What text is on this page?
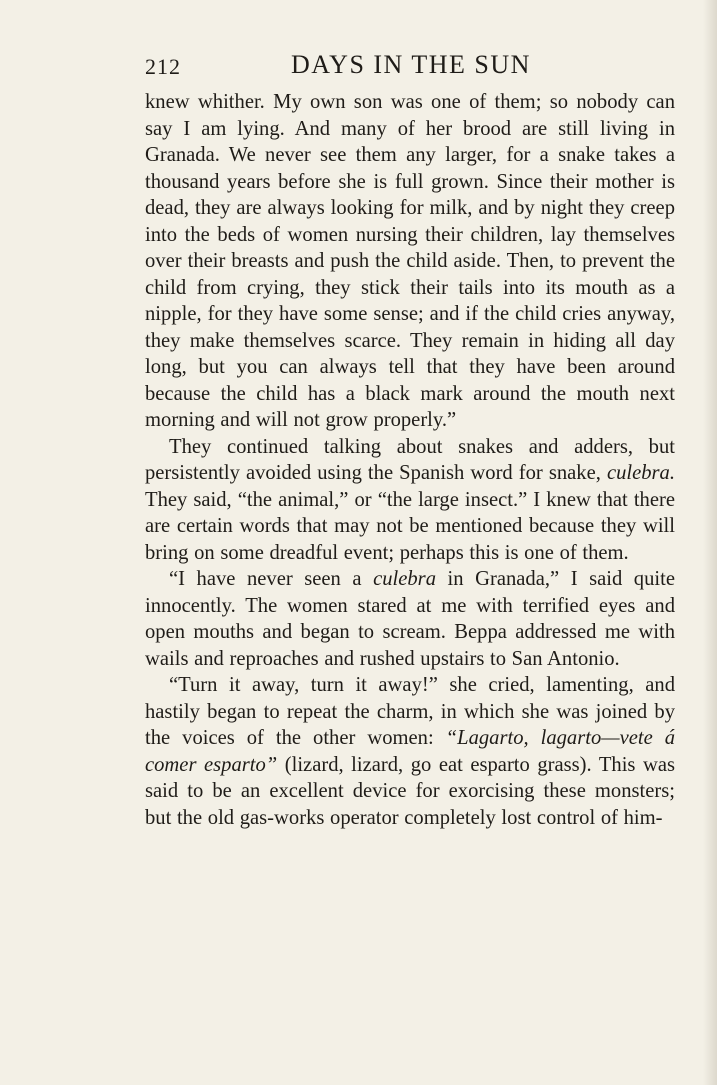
212	DAYS IN THE SUN

knew whither. My own son was one of them; so nobody can say I am lying. And many of her brood are still living in Granada. We never see them any larger, for a snake takes a thousand years before she is full grown. Since their mother is dead, they are always looking for milk, and by night they creep into the beds of women nursing their children, lay themselves over their breasts and push the child aside. Then, to prevent the child from crying, they stick their tails into its mouth as a nipple, for they have some sense; and if the child cries anyway, they make themselves scarce. They remain in hiding all day long, but you can always tell that they have been around because the child has a black mark around the mouth next morning and will not grow properly.”

They continued talking about snakes and adders, but persistently avoided using the Spanish word for snake, culebra. They said, “the animal,” or “the large insect.” I knew that there are certain words that may not be mentioned because they will bring on some dreadful event; perhaps this is one of them.

“I have never seen a culebra in Granada,” I said quite innocently. The women stared at me with terrified eyes and open mouths and began to scream. Beppa addressed me with wails and reproaches and rushed upstairs to San Antonio.

“Turn it away, turn it away!” she cried, lamenting, and hastily began to repeat the charm, in which she was joined by the voices of the other women: “Lagarto, lagarto—vete á comer esparto” (lizard, lizard, go eat esparto grass). This was said to be an excellent device for exorcising these monsters; but the old gas-works operator completely lost control of him-
